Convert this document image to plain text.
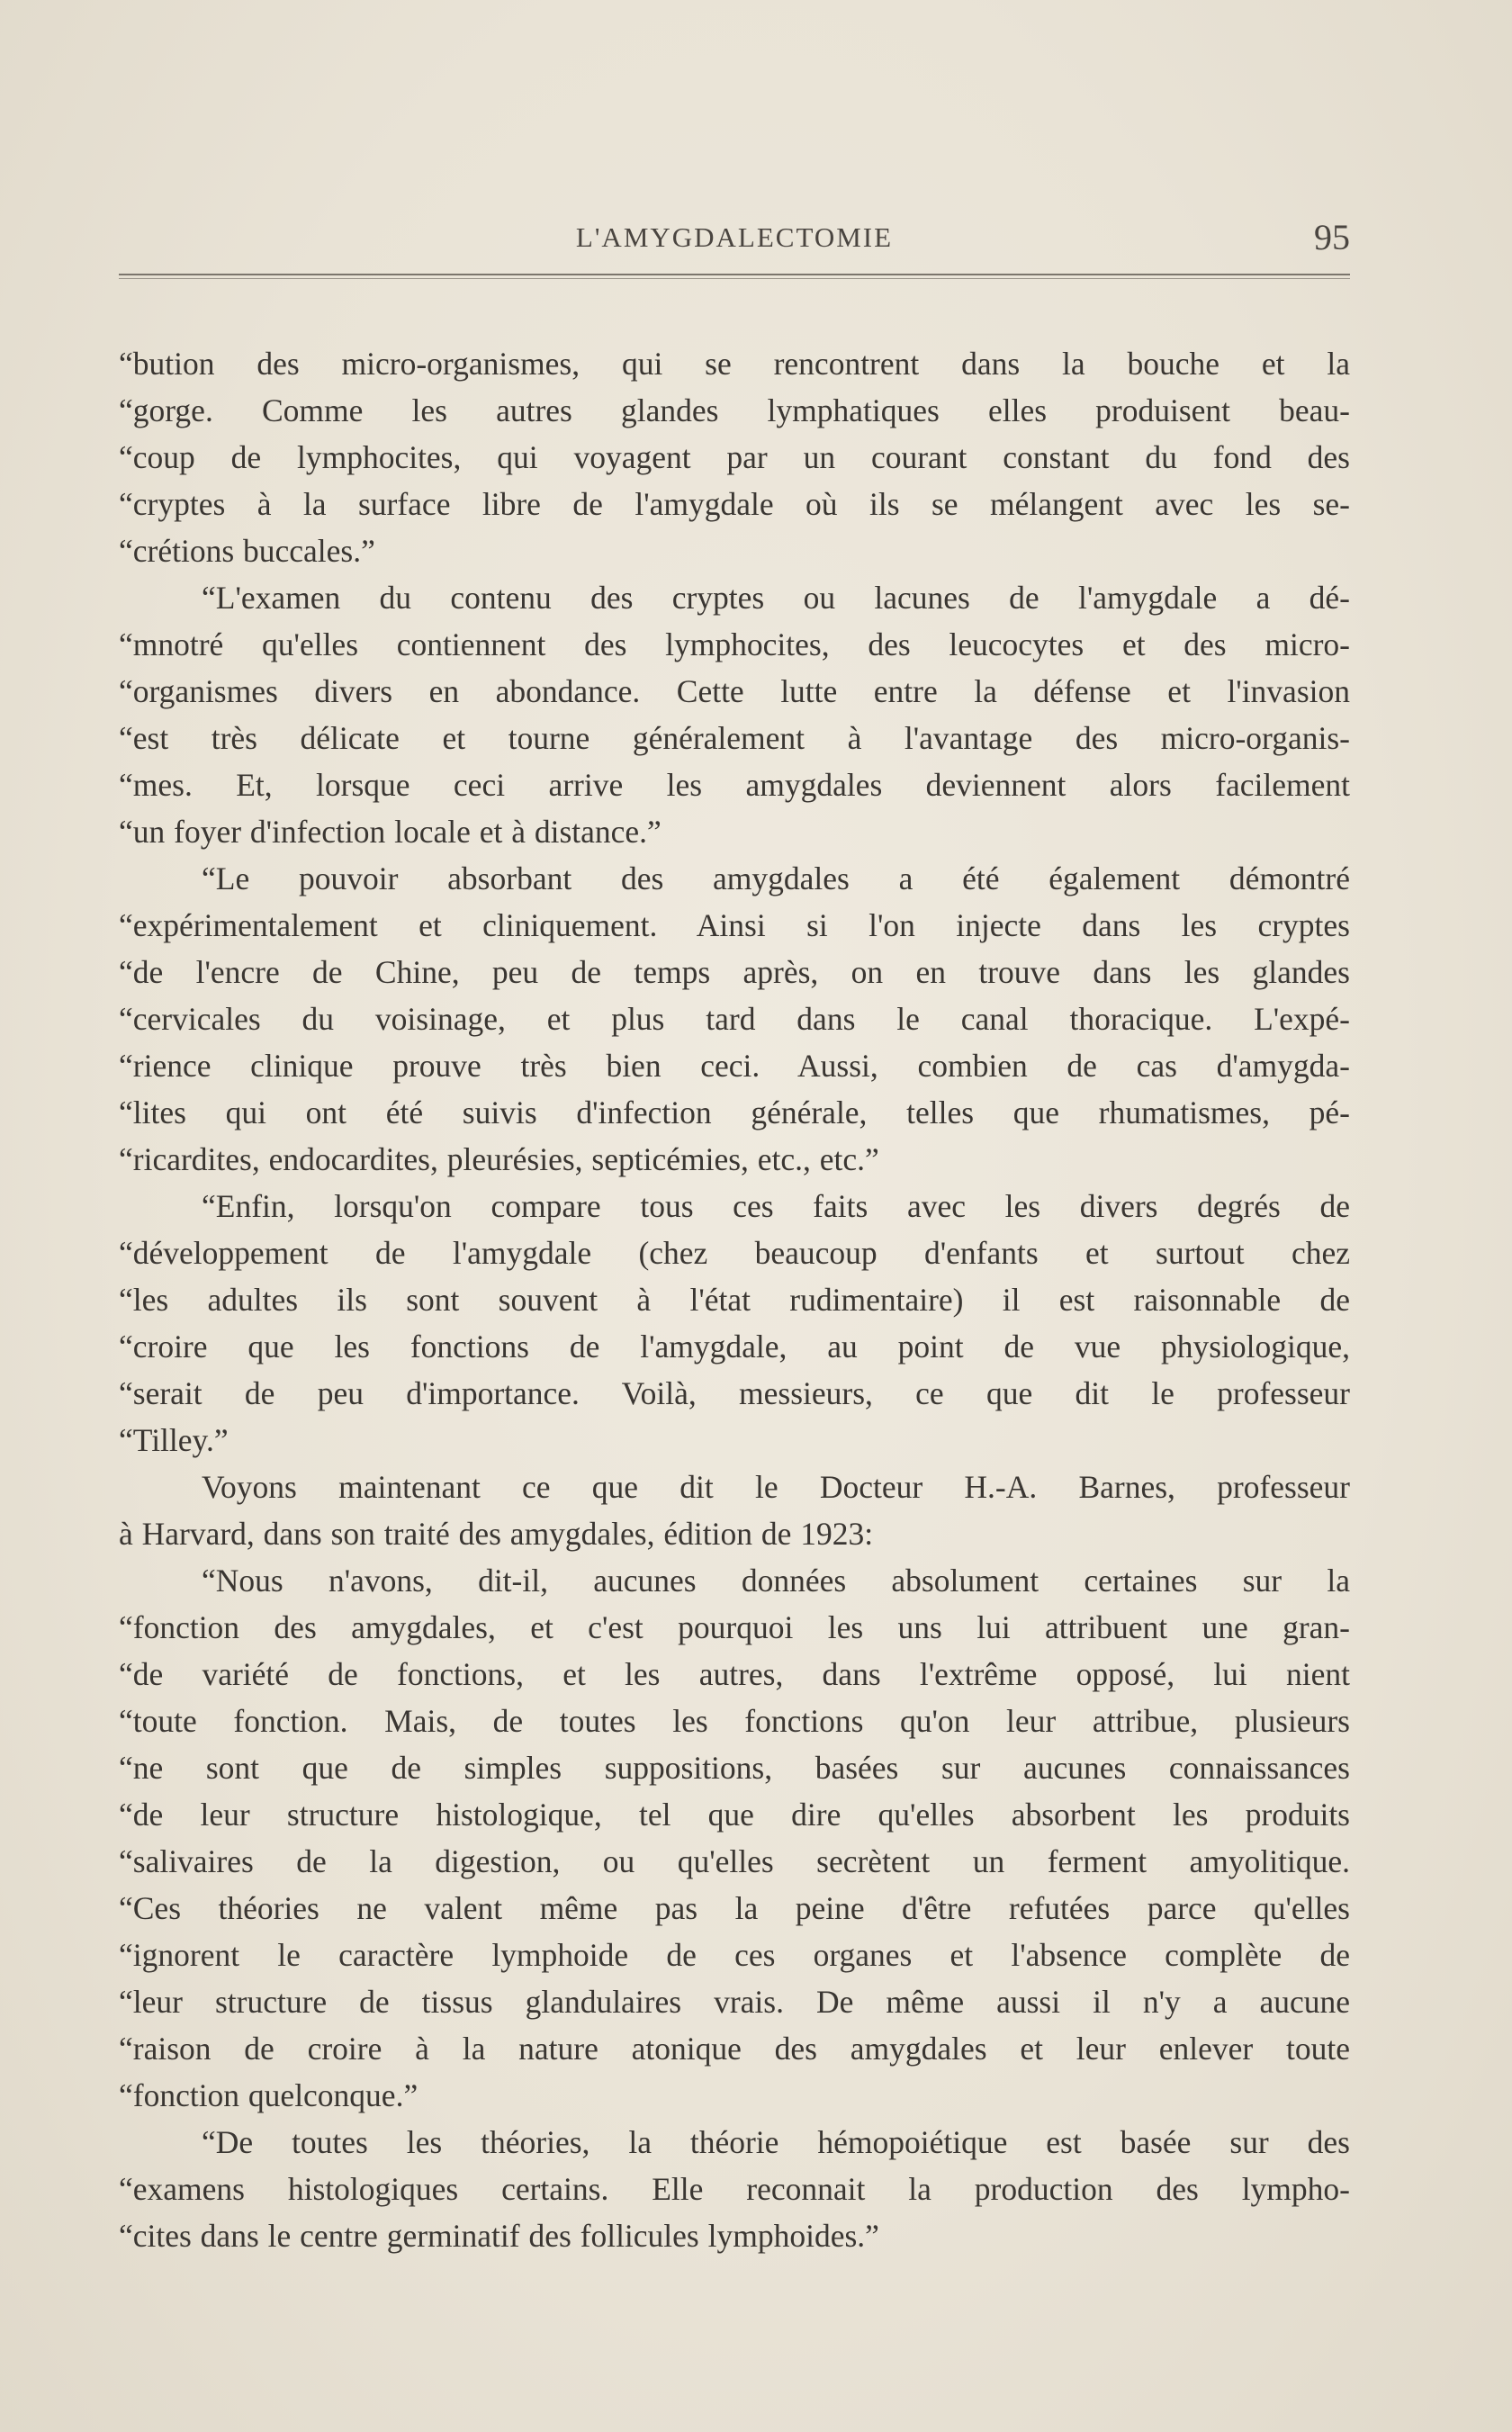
L'AMYGDALECTOMIE	95
“bution des micro-organismes, qui se rencontrent dans la bouche et la
“gorge. Comme les autres glandes lymphatiques elles produisent beau-
“coup de lymphocites, qui voyagent par un courant constant du fond des
“cryptes à la surface libre de l'amygdale où ils se mélangent avec les se-
“crétions buccales.”
“L'examen du contenu des cryptes ou lacunes de l'amygdale a dé-
“mnotré qu'elles contiennent des lymphocites, des leucocytes et des micro-
“organismes divers en abondance. Cette lutte entre la défense et l'invasion
“est très délicate et tourne généralement à l'avantage des micro-organis-
“mes. Et, lorsque ceci arrive les amygdales deviennent alors facilement
“un foyer d'infection locale et à distance.”
“Le pouvoir absorbant des amygdales a été également démontré
“expérimentalement et cliniquement. Ainsi si l'on injecte dans les cryptes
“de l'encre de Chine, peu de temps après, on en trouve dans les glandes
“cervicales du voisinage, et plus tard dans le canal thoracique. L'expé-
“rience clinique prouve très bien ceci. Aussi, combien de cas d'amygda-
“lites qui ont été suivis d'infection générale, telles que rhumatismes, pé-
“ricardites, endocardites, pleurésies, septicémies, etc., etc.”
“Enfin, lorsqu'on compare tous ces faits avec les divers degrés de
“développement de l'amygdale (chez beaucoup d'enfants et surtout chez
“les adultes ils sont souvent à l'état rudimentaire) il est raisonnable de
“croire que les fonctions de l'amygdale, au point de vue physiologique,
“serait de peu d'importance. Voilà, messieurs, ce que dit le professeur
“Tilley.”
Voyons maintenant ce que dit le Docteur H.-A. Barnes, professeur
à Harvard, dans son traité des amygdales, édition de 1923:
“Nous n'avons, dit-il, aucunes données absolument certaines sur la
“fonction des amygdales, et c'est pourquoi les uns lui attribuent une gran-
“de variété de fonctions, et les autres, dans l'extrême opposé, lui nient
“toute fonction. Mais, de toutes les fonctions qu'on leur attribue, plusieurs
“ne sont que de simples suppositions, basées sur aucunes connaissances
“de leur structure histologique, tel que dire qu'elles absorbent les produits
“salivaires de la digestion, ou qu'elles secrètent un ferment amyolitique.
“Ces théories ne valent même pas la peine d'être refutées parce qu'elles
“ignorent le caractère lymphoide de ces organes et l'absence complète de
“leur structure de tissus glandulaires vrais. De même aussi il n'y a aucune
“raison de croire à la nature atonique des amygdales et leur enlever toute
“fonction quelconque.”
“De toutes les théories, la théorie hémopoiétique est basée sur des
“examens histologiques certains. Elle reconnait la production des lympho-
“cites dans le centre germinatif des follicules lymphoides.”
